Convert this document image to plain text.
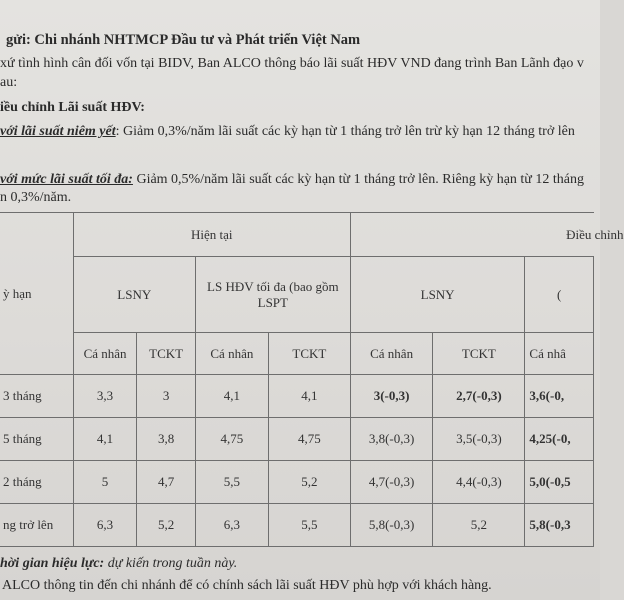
gửi: Chi nhánh NHTMCP Đầu tư và Phát triển Việt Nam
xứ tình hình cân đối vốn tại BIDV, Ban ALCO thông báo lãi suất HĐV VND đang trình Ban Lãnh đạo v
au:
iều chỉnh Lãi suất HĐV:
với lãi suất niêm yết: Giảm 0,3%/năm lãi suất các kỳ hạn từ 1 tháng trở lên trừ kỳ hạn 12 tháng trở lên
với mức lãi suất tối đa: Giảm 0,5%/năm lãi suất các kỳ hạn từ 1 tháng trở lên. Riêng kỳ hạn từ 12 tháng
n 0,3%/năm.
ỳ hạn	Hiện tại				Điều chỉnh		
	LSNY		LS HĐV tối đa (bao gồm LSPT		LSNY		(
	Cá nhân	TCKT	Cá nhân	TCKT	Cá nhân	TCKT	Cá nhâ
3 tháng	3,3	3	4,1	4,1	3(-0,3)	2,7(-0,3)	3,6(-0,
5 tháng	4,1	3,8	4,75	4,75	3,8(-0,3)	3,5(-0,3)	4,25(-0,
2 tháng	5	4,7	5,5	5,2	4,7(-0,3)	4,4(-0,3)	5,0(-0,5
ng trở lên	6,3	5,2	6,3	5,5	5,8(-0,3)	5,2	5,8(-0,3
hời gian hiệu lực: dự kiến trong tuần này.
ALCO thông tin đến chi nhánh để có chính sách lãi suất HĐV phù hợp với khách hàng.
